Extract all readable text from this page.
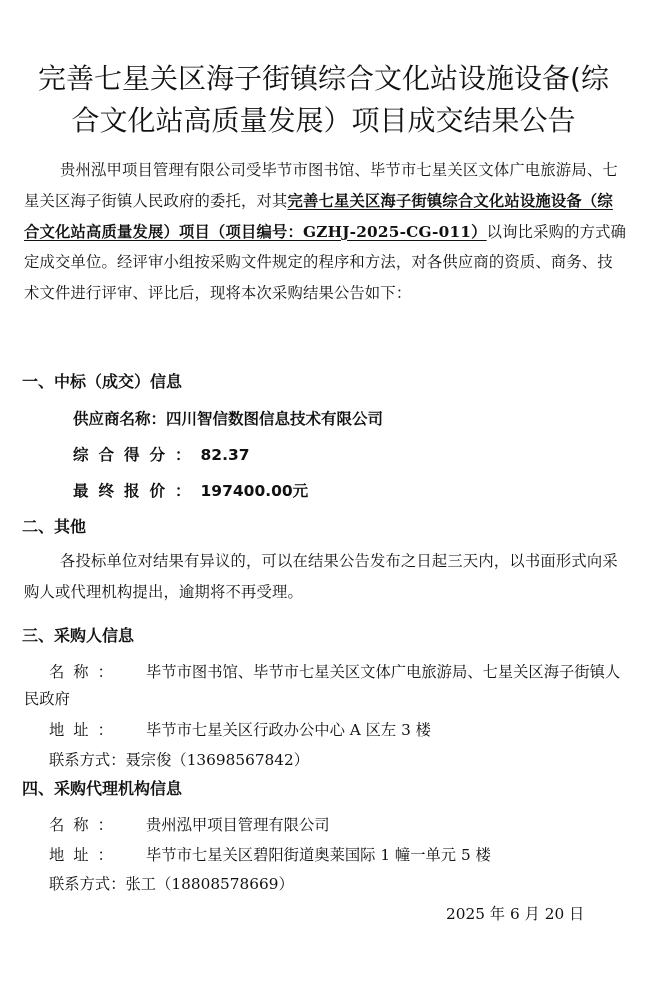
完善七星关区海子街镇综合文化站设施设备(综
合文化站高质量发展）项目成交结果公告
贵州泓甲项目管理有限公司受毕节市图书馆、毕节市七星关区文体广电旅游局、七星关区海子街镇人民政府的委托，对其完善七星关区海子街镇综合文化站设施设备（综合文化站高质量发展）项目（项目编号：GZHJ-2025-CG-011）以询比采购的方式确定成交单位。经评审小组按采购文件规定的程序和方法，对各供应商的资质、商务、技术文件进行评审、评比后，现将本次采购结果公告如下：
一、中标（成交）信息
供应商名称：四川智信数图信息技术有限公司
综合得分：82.37
最终报价：197400.00元
二、其他
各投标单位对结果有异议的，可以在结果公告发布之日起三天内，以书面形式向采购人或代理机构提出，逾期将不再受理。
三、采购人信息
名称： 毕节市图书馆、毕节市七星关区文体广电旅游局、七星关区海子街镇人民政府
地址： 毕节市七星关区行政办公中心 A 区左 3 楼
联系方式：聂宗俊（13698567842）
四、采购代理机构信息
名称： 贵州泓甲项目管理有限公司
地址： 毕节市七星关区碧阳街道奥莱国际 1 幢一单元 5 楼
联系方式：张工（18808578669）
2025 年 6 月 20 日
